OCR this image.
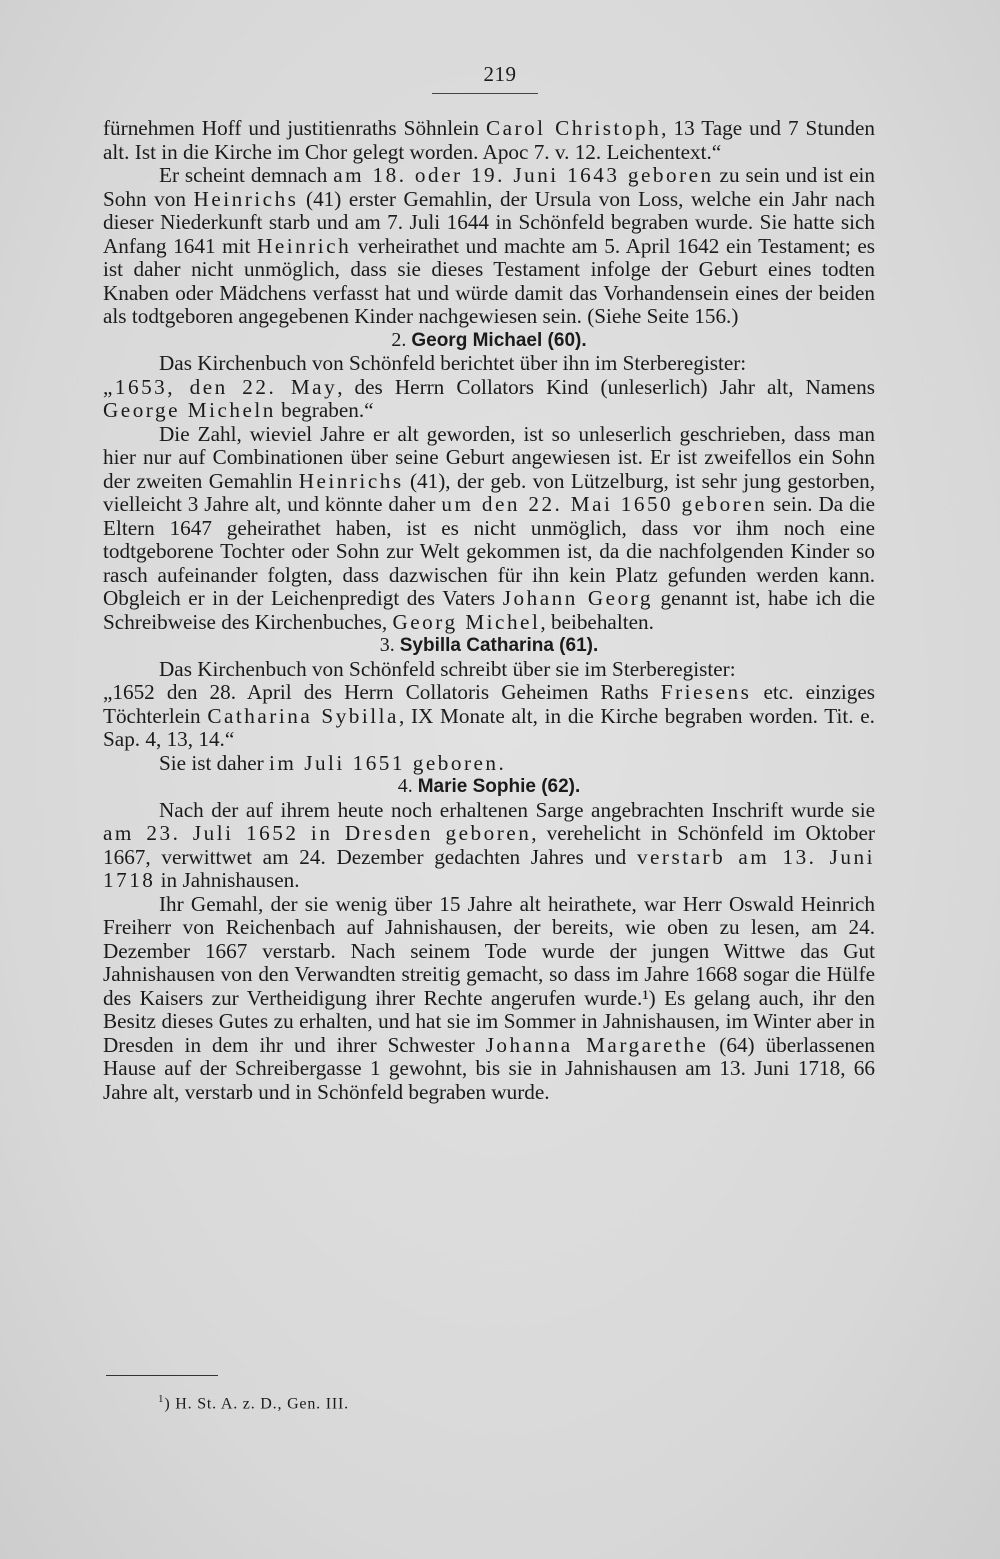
219

fürnehmen Hoff und justitienraths Söhnlein Carol Christoph, 13 Tage und 7 Stunden alt. Ist in die Kirche im Chor gelegt worden. Apoc 7. v. 12. Leichentext.“

Er scheint demnach am 18. oder 19. Juni 1643 geboren zu sein und ist ein Sohn von Heinrichs (41) erster Gemahlin, der Ursula von Loss, welche ein Jahr nach dieser Niederkunft starb und am 7. Juli 1644 in Schönfeld begraben wurde. Sie hatte sich Anfang 1641 mit Heinrich verheirathet und machte am 5. April 1642 ein Testament; es ist daher nicht unmöglich, dass sie dieses Testament infolge der Geburt eines todten Knaben oder Mädchens verfasst hat und würde damit das Vorhandensein eines der beiden als todtgeboren angegebenen Kinder nachgewiesen sein. (Siehe Seite 156.)

2. Georg Michael (60).

Das Kirchenbuch von Schönfeld berichtet über ihn im Sterberegister:

„1653, den 22. May, des Herrn Collators Kind (unleserlich) Jahr alt, Namens George Micheln begraben.“

Die Zahl, wieviel Jahre er alt geworden, ist so unleserlich geschrieben, dass man hier nur auf Combinationen über seine Geburt angewiesen ist. Er ist zweifellos ein Sohn der zweiten Gemahlin Heinrichs (41), der geb. von Lützelburg, ist sehr jung gestorben, vielleicht 3 Jahre alt, und könnte daher um den 22. Mai 1650 geboren sein. Da die Eltern 1647 geheirathet haben, ist es nicht unmöglich, dass vor ihm noch eine todtgeborene Tochter oder Sohn zur Welt gekommen ist, da die nachfolgenden Kinder so rasch aufeinander folgten, dass dazwischen für ihn kein Platz gefunden werden kann. Obgleich er in der Leichenpredigt des Vaters Johann Georg genannt ist, habe ich die Schreibweise des Kirchenbuches, Georg Michel, beibehalten.

3. Sybilla Catharina (61).

Das Kirchenbuch von Schönfeld schreibt über sie im Sterberegister:

„1652 den 28. April des Herrn Collatoris Geheimen Raths Friesens etc. einziges Töchterlein Catharina Sybilla, IX Monate alt, in die Kirche begraben worden. Tit. e. Sap. 4, 13, 14.“

Sie ist daher im Juli 1651 geboren.

4. Marie Sophie (62).

Nach der auf ihrem heute noch erhaltenen Sarge angebrachten Inschrift wurde sie am 23. Juli 1652 in Dresden geboren, verehelicht in Schönfeld im Oktober 1667, verwittwet am 24. Dezember gedachten Jahres und verstarb am 13. Juni 1718 in Jahnishausen.

Ihr Gemahl, der sie wenig über 15 Jahre alt heirathete, war Herr Oswald Heinrich Freiherr von Reichenbach auf Jahnishausen, der bereits, wie oben zu lesen, am 24. Dezember 1667 verstarb. Nach seinem Tode wurde der jungen Wittwe das Gut Jahnishausen von den Verwandten streitig gemacht, so dass im Jahre 1668 sogar die Hülfe des Kaisers zur Vertheidigung ihrer Rechte angerufen wurde.¹) Es gelang auch, ihr den Besitz dieses Gutes zu erhalten, und hat sie im Sommer in Jahnishausen, im Winter aber in Dresden in dem ihr und ihrer Schwester Johanna Margarethe (64) überlassenen Hause auf der Schreibergasse 1 gewohnt, bis sie in Jahnishausen am 13. Juni 1718, 66 Jahre alt, verstarb und in Schönfeld begraben wurde.

$^1$) H. St. A. z. D., Gen. III.
